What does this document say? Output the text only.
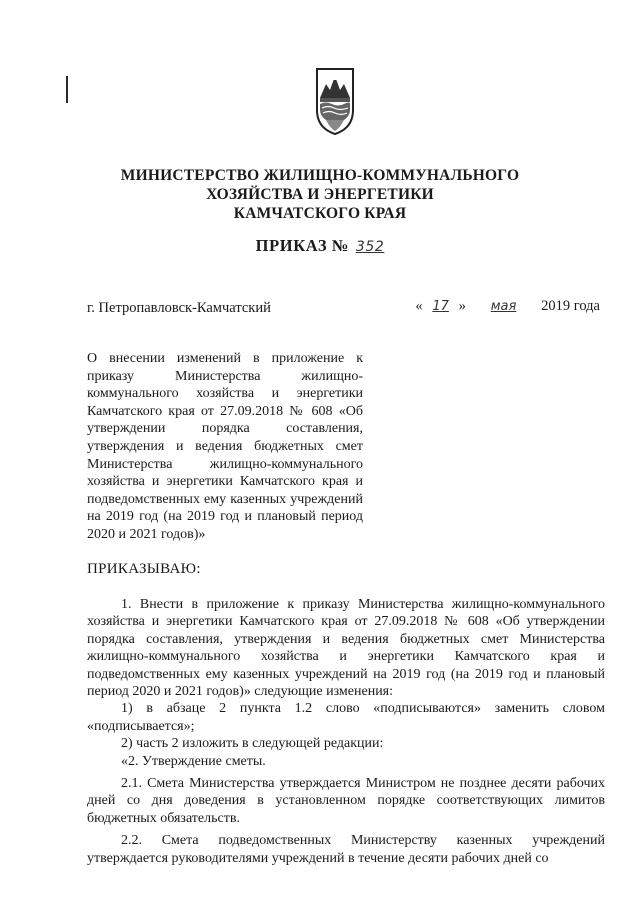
МИНИСТЕРСТВО ЖИЛИЩНО-КОММУНАЛЬНОГО
ХОЗЯЙСТВА И ЭНЕРГЕТИКИ
КАМЧАТСКОГО КРАЯ
ПРИКАЗ № 352
г. Петропавловск-Камчатский	« 17 » мая 2019 года
О внесении изменений в приложение к приказу Министерства жилищно-коммунального хозяйства и энергетики Камчатского края от 27.09.2018 № 608 «Об утверждении порядка составления, утверждения и ведения бюджетных смет Министерства жилищно-коммунального хозяйства и энергетики Камчатского края и подведомственных ему казенных учреждений на 2019 год (на 2019 год и плановый период 2020 и 2021 годов)»
ПРИКАЗЫВАЮ:

1. Внести в приложение к приказу Министерства жилищно-коммунального хозяйства и энергетики Камчатского края от 27.09.2018 № 608 «Об утверждении порядка составления, утверждения и ведения бюджетных смет Министерства жилищно-коммунального хозяйства и энергетики Камчатского края и подведомственных ему казенных учреждений на 2019 год (на 2019 год и плановый период 2020 и 2021 годов)» следующие изменения:

1) в абзаце 2 пункта 1.2 слово «подписываются» заменить словом «подписывается»;

2) часть 2 изложить в следующей редакции:

«2. Утверждение сметы.

2.1. Смета Министерства утверждается Министром не позднее десяти рабочих дней со дня доведения в установленном порядке соответствующих лимитов бюджетных обязательств.

2.2. Смета подведомственных Министерству казенных учреждений утверждается руководителями учреждений в течение десяти рабочих дней со
